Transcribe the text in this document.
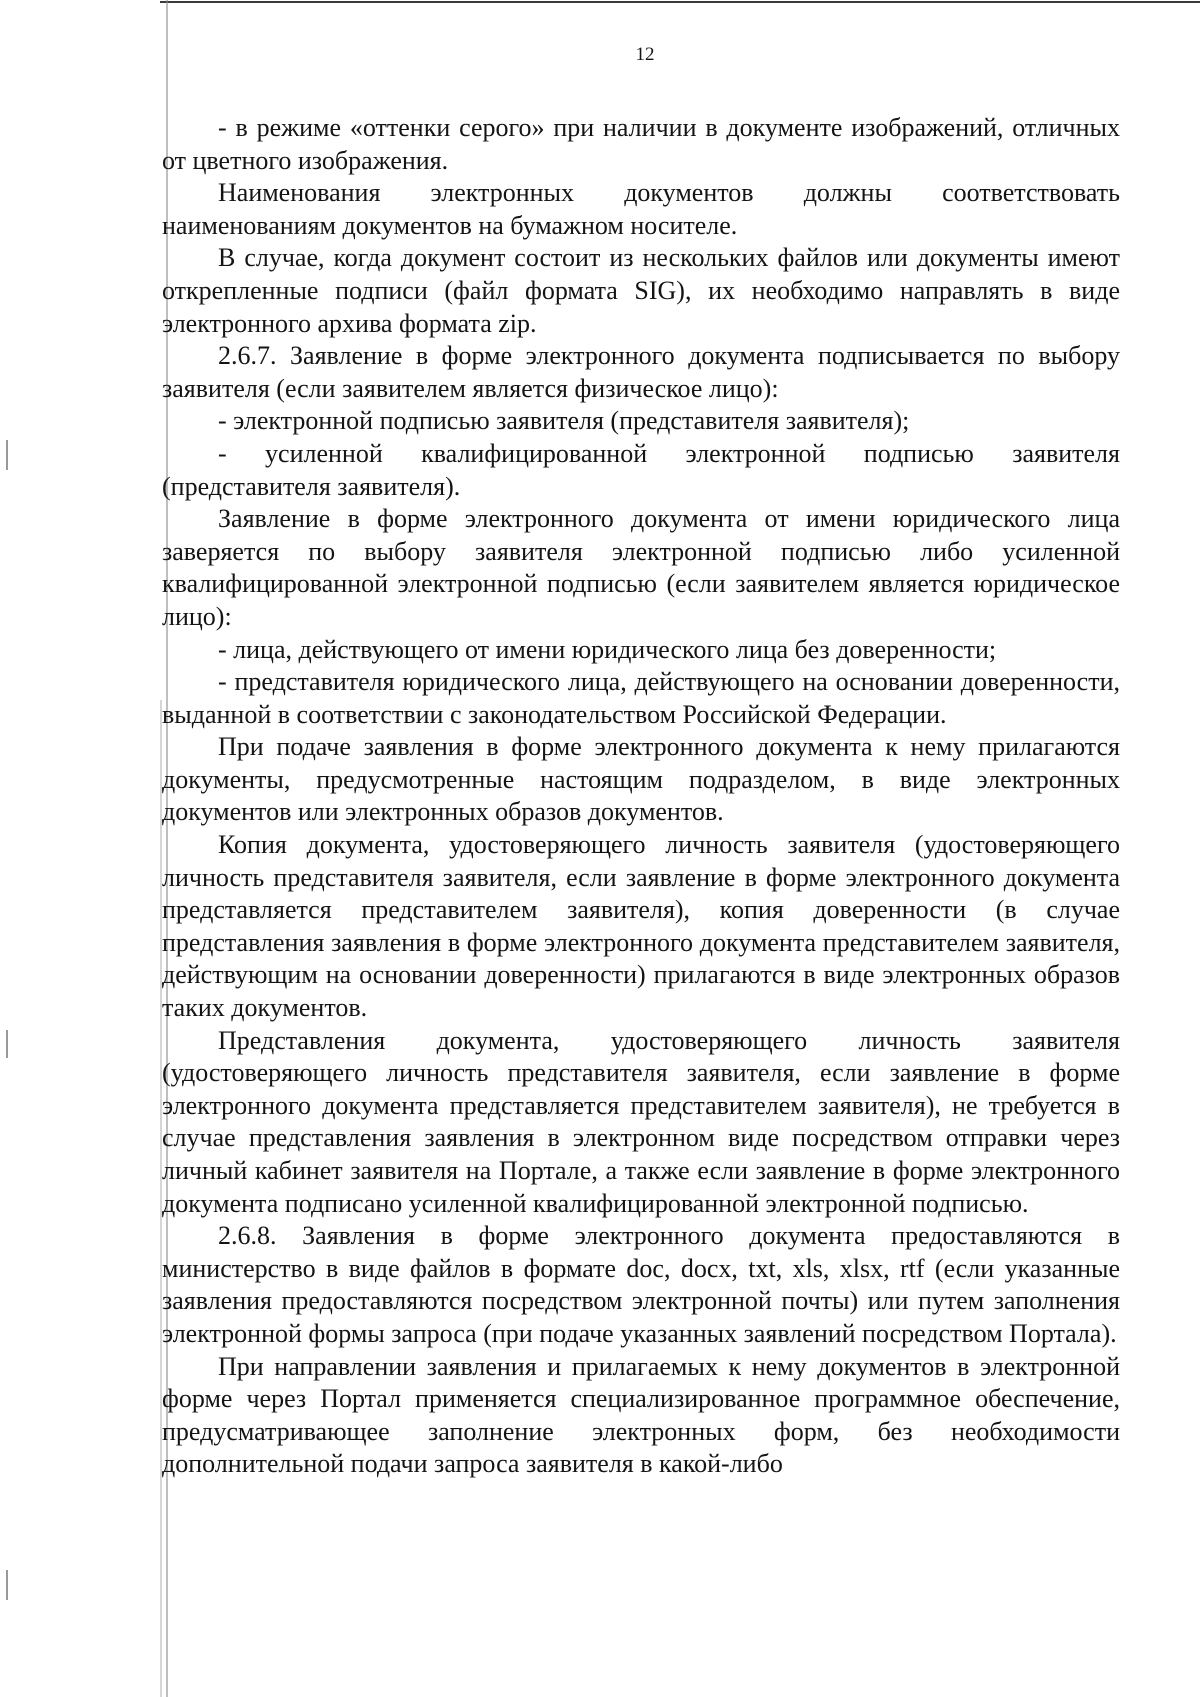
12

- в режиме «оттенки серого» при наличии в документе изображений, отличных от цветного изображения.

Наименования электронных документов должны соответствовать наименованиям документов на бумажном носителе.

В случае, когда документ состоит из нескольких файлов или документы имеют открепленные подписи (файл формата SIG), их необходимо направлять в виде электронного архива формата zip.

2.6.7. Заявление в форме электронного документа подписывается по выбору заявителя (если заявителем является физическое лицо):

- электронной подписью заявителя (представителя заявителя);

- усиленной квалифицированной электронной подписью заявителя (представителя заявителя).

Заявление в форме электронного документа от имени юридического лица заверяется по выбору заявителя электронной подписью либо усиленной квалифицированной электронной подписью (если заявителем является юридическое лицо):

- лица, действующего от имени юридического лица без доверенности;

- представителя юридического лица, действующего на основании доверенности, выданной в соответствии с законодательством Российской Федерации.

При подаче заявления в форме электронного документа к нему прилагаются документы, предусмотренные настоящим подразделом, в виде электронных документов или электронных образов документов.

Копия документа, удостоверяющего личность заявителя (удостоверяющего личность представителя заявителя, если заявление в форме электронного документа представляется представителем заявителя), копия доверенности (в случае представления заявления в форме электронного документа представителем заявителя, действующим на основании доверенности) прилагаются в виде электронных образов таких документов.

Представления документа, удостоверяющего личность заявителя (удостоверяющего личность представителя заявителя, если заявление в форме электронного документа представляется представителем заявителя), не требуется в случае представления заявления в электронном виде посредством отправки через личный кабинет заявителя на Портале, а также если заявление в форме электронного документа подписано усиленной квалифицированной электронной подписью.

2.6.8. Заявления в форме электронного документа предоставляются в министерство в виде файлов в формате doc, docx, txt, xls, xlsx, rtf (если указанные заявления предоставляются посредством электронной почты) или путем заполнения электронной формы запроса (при подаче указанных заявлений посредством Портала).

При направлении заявления и прилагаемых к нему документов в электронной форме через Портал применяется специализированное программное обеспечение, предусматривающее заполнение электронных форм, без необходимости дополнительной подачи запроса заявителя в какой-либо
